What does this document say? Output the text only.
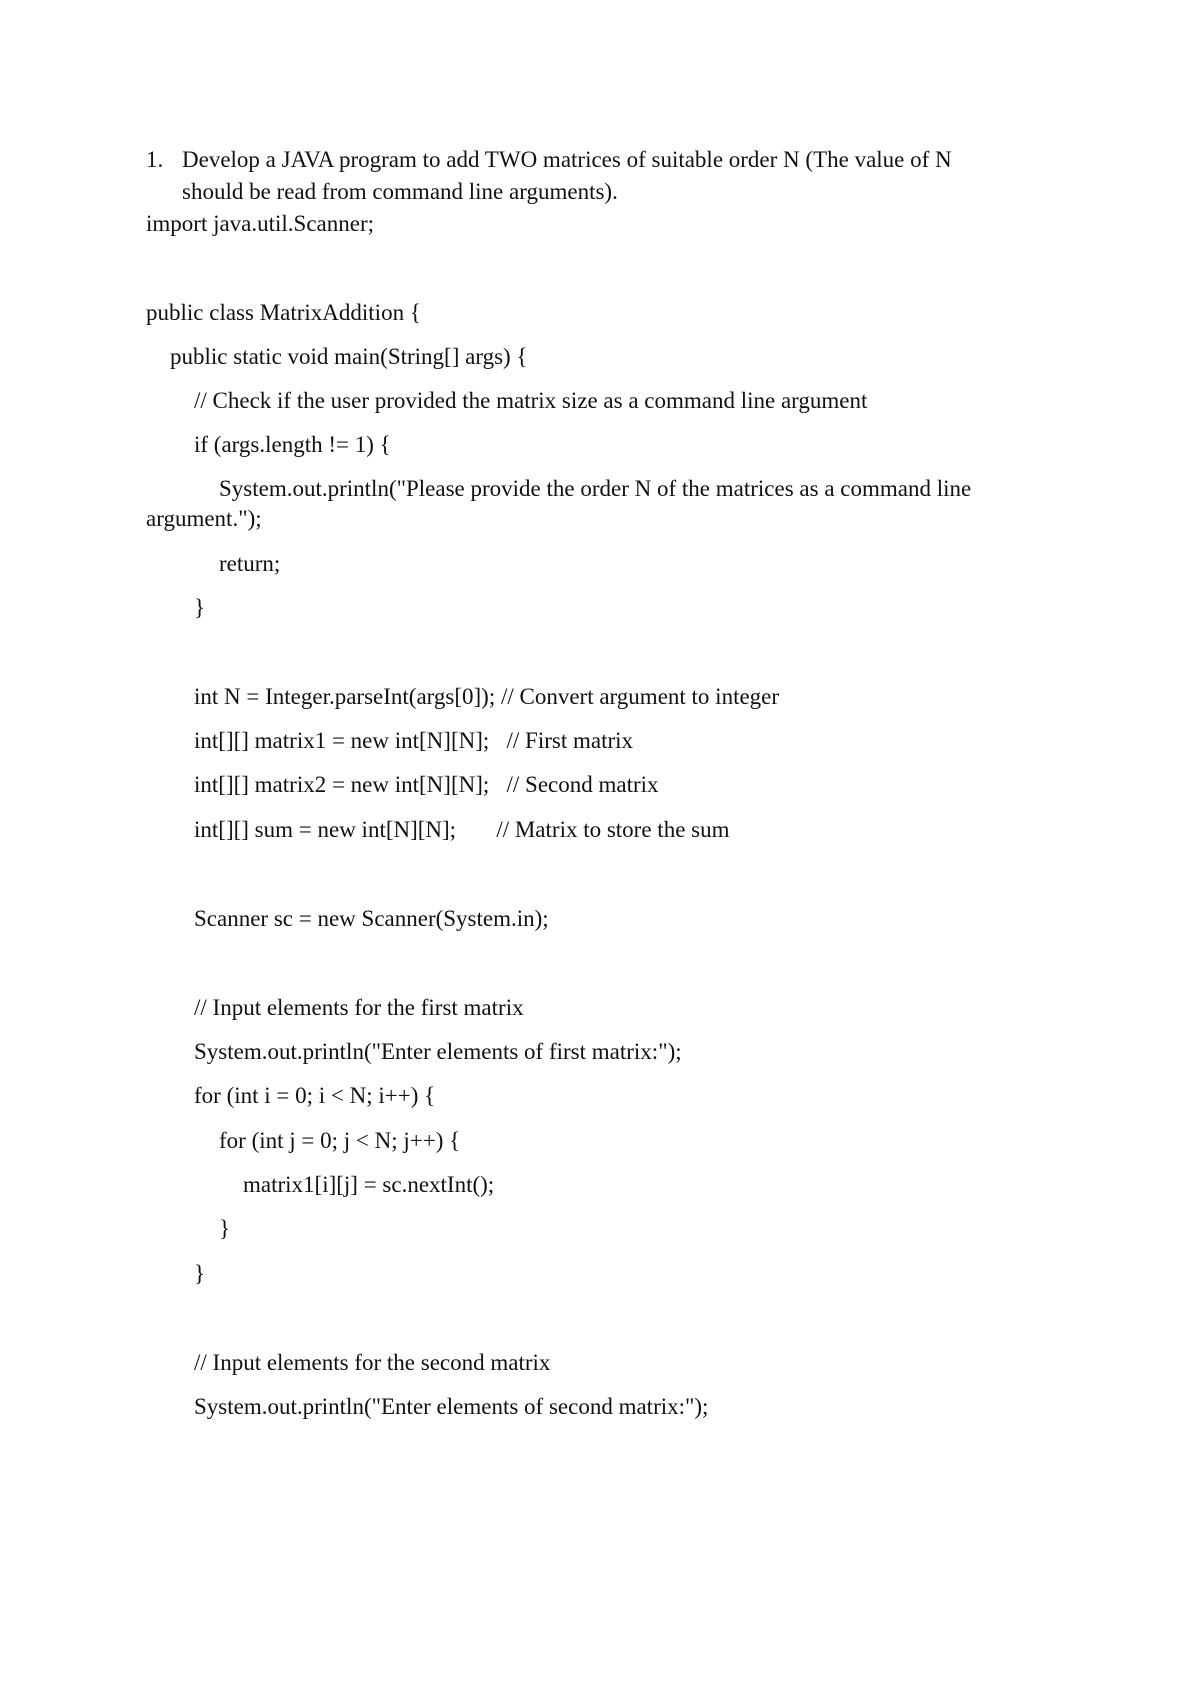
1. Develop a JAVA program to add TWO matrices of suitable order N (The value of N
should be read from command line arguments).
import java.util.Scanner;
public class MatrixAddition {
public static void main(String[] args) {
// Check if the user provided the matrix size as a command line argument
if (args.length != 1) {
System.out.println("Please provide the order N of the matrices as a command line
argument.");
return;
}
int N = Integer.parseInt(args[0]); // Convert argument to integer
int[][] matrix1 = new int[N][N];   // First matrix
int[][] matrix2 = new int[N][N];   // Second matrix
int[][] sum = new int[N][N];       // Matrix to store the sum
Scanner sc = new Scanner(System.in);
// Input elements for the first matrix
System.out.println("Enter elements of first matrix:");
for (int i = 0; i < N; i++) {
for (int j = 0; j < N; j++) {
matrix1[i][j] = sc.nextInt();
}
}
// Input elements for the second matrix
System.out.println("Enter elements of second matrix:");
